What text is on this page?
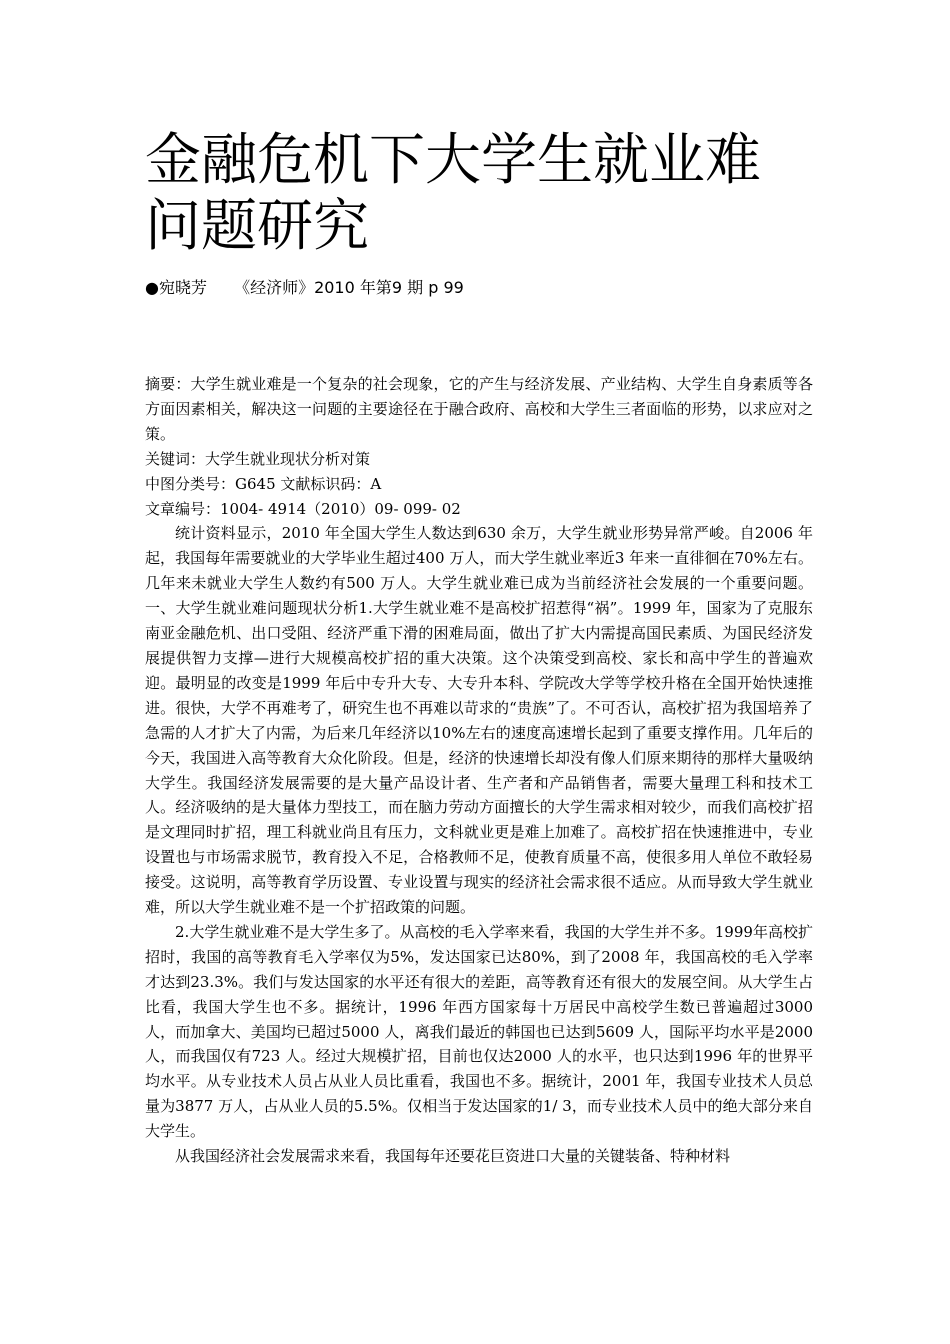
金融危机下大学生就业难问题研究
●宛晓芳 《经济师》2010 年第9 期 p 99

摘要：大学生就业难是一个复杂的社会现象，它的产生与经济发展、产业结构、大学生自身素质等各方面因素相关，解决这一问题的主要途径在于融合政府、高校和大学生三者面临的形势，以求应对之策。

关键词：大学生就业现状分析对策

中图分类号：G645 文献标识码：A

文章编号：1004- 4914（2010）09- 099- 02

统计资料显示，2010 年全国大学生人数达到630 余万，大学生就业形势异常严峻。自2006 年起，我国每年需要就业的大学毕业生超过400 万人，而大学生就业率近3 年来一直徘徊在70%左右。几年来未就业大学生人数约有500 万人。大学生就业难已成为当前经济社会发展的一个重要问题。一、大学生就业难问题现状分析1.大学生就业难不是高校扩招惹得“祸”。1999 年，国家为了克服东南亚金融危机、出口受阻、经济严重下滑的困难局面，做出了扩大内需提高国民素质、为国民经济发展提供智力支撑—进行大规模高校扩招的重大决策。这个决策受到高校、家长和高中学生的普遍欢迎。最明显的改变是1999 年后中专升大专、大专升本科、学院改大学等学校升格在全国开始快速推进。很快，大学不再难考了，研究生也不再难以苛求的“贵族”了。不可否认，高校扩招为我国培养了急需的人才扩大了内需，为后来几年经济以10%左右的速度高速增长起到了重要支撑作用。几年后的今天，我国进入高等教育大众化阶段。但是，经济的快速增长却没有像人们原来期待的那样大量吸纳大学生。我国经济发展需要的是大量产品设计者、生产者和产品销售者，需要大量理工科和技术工人。经济吸纳的是大量体力型技工，而在脑力劳动方面擅长的大学生需求相对较少，而我们高校扩招是文理同时扩招，理工科就业尚且有压力，文科就业更是难上加难了。高校扩招在快速推进中，专业设置也与市场需求脱节，教育投入不足，合格教师不足，使教育质量不高，使很多用人单位不敢轻易接受。这说明，高等教育学历设置、专业设置与现实的经济社会需求很不适应。从而导致大学生就业难，所以大学生就业难不是一个扩招政策的问题。

2.大学生就业难不是大学生多了。从高校的毛入学率来看，我国的大学生并不多。1999年高校扩招时，我国的高等教育毛入学率仅为5%，发达国家已达80%，到了2008 年，我国高校的毛入学率才达到23.3%。我们与发达国家的水平还有很大的差距，高等教育还有很大的发展空间。从大学生占比看，我国大学生也不多。据统计，1996 年西方国家每十万居民中高校学生数已普遍超过3000 人，而加拿大、美国均已超过5000 人，离我们最近的韩国也已达到5609 人，国际平均水平是2000 人，而我国仅有723 人。经过大规模扩招，目前也仅达2000 人的水平，也只达到1996 年的世界平均水平。从专业技术人员占从业人员比重看，我国也不多。据统计，2001 年，我国专业技术人员总量为3877 万人，占从业人员的5.5%。仅相当于发达国家的1/ 3，而专业技术人员中的绝大部分来自大学生。

从我国经济社会发展需求来看，我国每年还要花巨资进口大量的关键装备、特种材料
